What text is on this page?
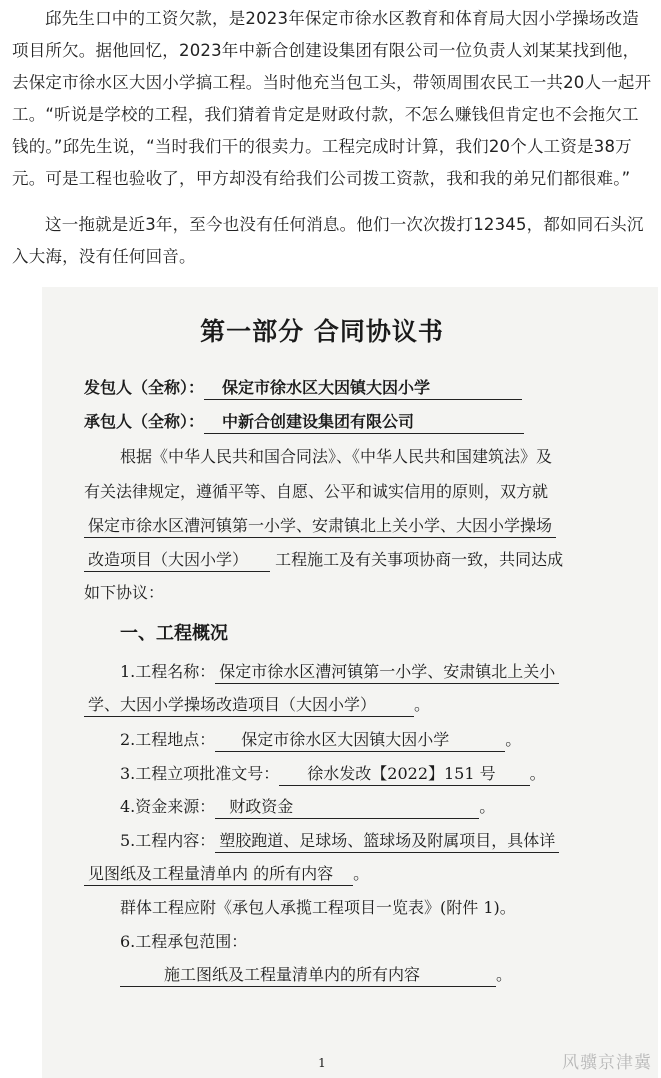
邱先生口中的工资欠款，是2023年保定市徐水区教育和体育局大因小学操场改造项目所欠。据他回忆，2023年中新合创建设集团有限公司一位负责人刘某某找到他，去保定市徐水区大因小学搞工程。当时他充当包工头，带领周围农民工一共20人一起开工。“听说是学校的工程，我们猜着肯定是财政付款，不怎么赚钱但肯定也不会拖欠工钱的。”邱先生说，“当时我们干的很卖力。工程完成时计算，我们20个人工资是38万元。可是工程也验收了，甲方却没有给我们公司拨工资款，我和我的弟兄们都很难。”

这一拖就是近3年，至今也没有任何消息。他们一次次拨打12345，都如同石头沉入大海，没有任何回音。

第一部分 合同协议书
发包人（全称）： 保定市徐水区大因镇大因小学
承包人（全称）： 中新合创建设集团有限公司
根据《中华人民共和国合同法》、《中华人民共和国建筑法》及
有关法律规定，遵循平等、自愿、公平和诚实信用的原则，双方就
保定市徐水区漕河镇第一小学、安肃镇北上关小学、大因小学操场
改造项目（大因小学） 工程施工及有关事项协商一致，共同达成
如下协议：
一、工程概况
1.工程名称： 保定市徐水区漕河镇第一小学、安肃镇北上关小
学、大因小学操场改造项目（大因小学） 。
2.工程地点： 保定市徐水区大因镇大因小学	。
3.工程立项批准文号： 徐水发改【2022】151 号 。
4.资金来源： 财政资金	。
5.工程内容： 塑胶跑道、足球场、篮球场及附属项目，具体详
见图纸及工程量清单内 的所有内容 。
群体工程应附《承包人承揽工程项目一览表》(附件 1)。
6.工程承包范围：
施工图纸及工程量清单内的所有内容	。
1	风骥京津冀
